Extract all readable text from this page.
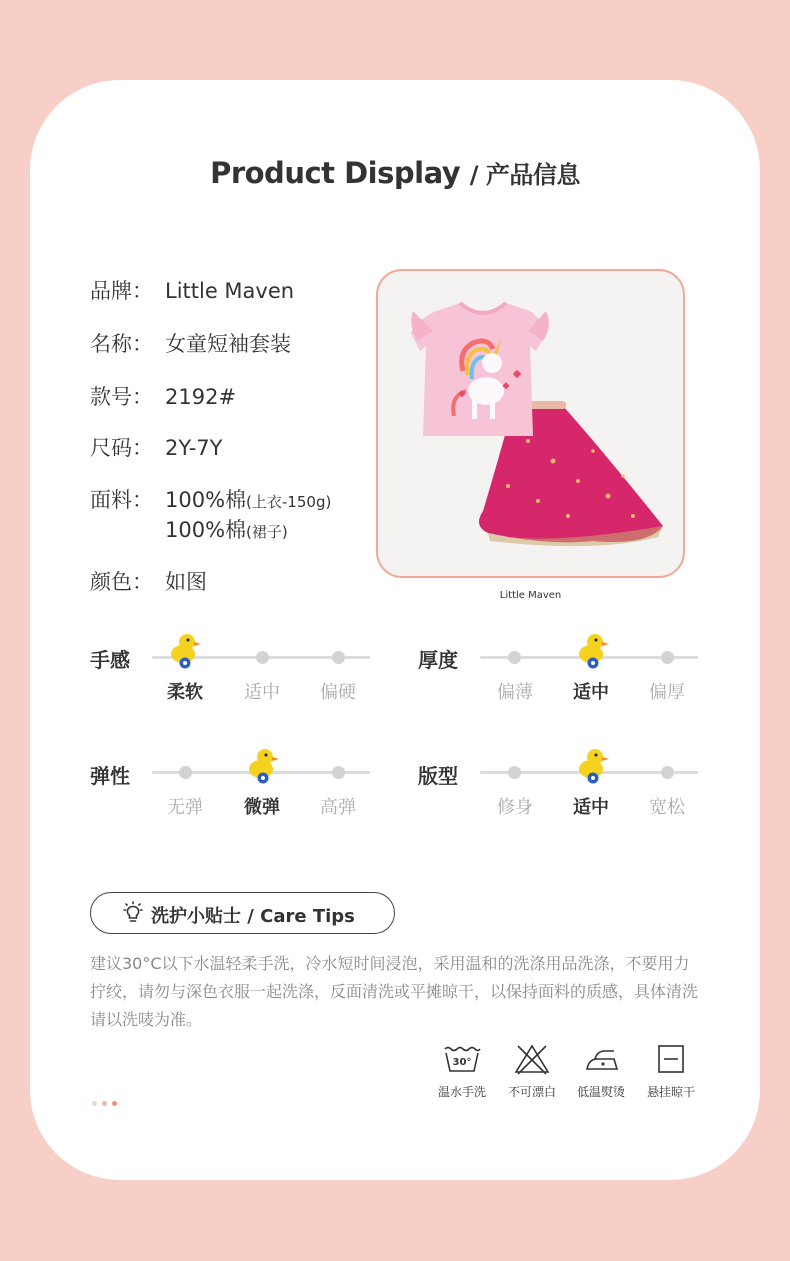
Product Display / 产品信息
品牌： Little Maven
名称： 女童短袖套装
款号： 2192#
尺码： 2Y-7Y
面料： 100%棉(上衣-150g)
100%棉(裙子)
颜色： 如图
Little Maven
手感
柔软	适中	偏硬
厚度
偏薄	适中	偏厚
弹性
无弹	微弹	高弹
版型
修身	适中	宽松
洗护小贴士 / Care Tips
建议30°C以下水温轻柔手洗，冷水短时间浸泡，采用温和的洗涤用品洗涤，不要用力拧绞，请勿与深色衣服一起洗涤，反面清洗或平摊晾干，以保持面料的质感，具体清洗请以洗唛为准。
30°
温水手洗	不可漂白	低温熨烫	悬挂晾干
